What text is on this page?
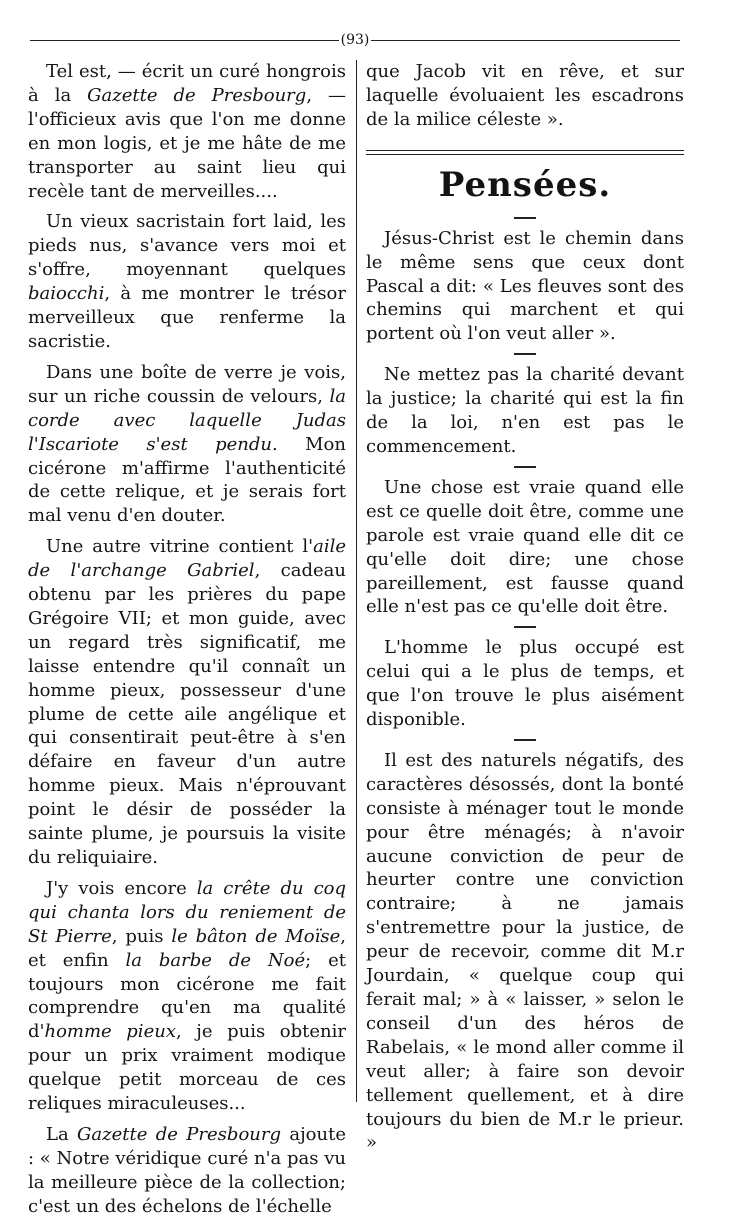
(93)

Tel est, — écrit un curé hongrois à la Gazette de Presbourg, — l'officieux avis que l'on me donne en mon logis, et je me hâte de me transporter au saint lieu qui recèle tant de merveilles....

Un vieux sacristain fort laid, les pieds nus, s'avance vers moi et s'offre, moyennant quelques baiocchi, à me montrer le trésor merveilleux que renferme la sacristie.

Dans une boîte de verre je vois, sur un riche coussin de velours, la corde avec laquelle Judas l'Iscariote s'est pendu. Mon cicérone m'affirme l'authenticité de cette relique, et je serais fort mal venu d'en douter.

Une autre vitrine contient l'aile de l'archange Gabriel, cadeau obtenu par les prières du pape Grégoire VII; et mon guide, avec un regard très significatif, me laisse entendre qu'il connaît un homme pieux, possesseur d'une plume de cette aile angélique et qui consentirait peut-être à s'en défaire en faveur d'un autre homme pieux. Mais n'éprouvant point le désir de posséder la sainte plume, je poursuis la visite du reliquiaire.

J'y vois encore la crête du coq qui chanta lors du reniement de St Pierre, puis le bâton de Moïse, et enfin la barbe de Noé; et toujours mon cicérone me fait comprendre qu'en ma qualité d'homme pieux, je puis obtenir pour un prix vraiment modique quelque petit morceau de ces reliques miraculeuses...

La Gazette de Presbourg ajoute : « Notre véridique curé n'a pas vu la meilleure pièce de la collection; c'est un des échelons de l'échelle

que Jacob vit en rêve, et sur laquelle évoluaient les escadrons de la milice céleste ».

Pensées.

Jésus-Christ est le chemin dans le même sens que ceux dont Pascal a dit: « Les fleuves sont des chemins qui marchent et qui portent où l'on veut aller ».

Ne mettez pas la charité devant la justice; la charité qui est la fin de la loi, n'en est pas le commencement.

Une chose est vraie quand elle est ce quelle doit être, comme une parole est vraie quand elle dit ce qu'elle doit dire; une chose pareillement, est fausse quand elle n'est pas ce qu'elle doit être.

L'homme le plus occupé est celui qui a le plus de temps, et que l'on trouve le plus aisément disponible.

Il est des naturels négatifs, des caractères désossés, dont la bonté consiste à ménager tout le monde pour être ménagés; à n'avoir aucune conviction de peur de heurter contre une conviction contraire; à ne jamais s'entremettre pour la justice, de peur de recevoir, comme dit M.r Jourdain, « quelque coup qui ferait mal; » à « laisser, » selon le conseil d'un des héros de Rabelais, « le mond aller comme il veut aller; à faire son devoir tellement quellement, et à dire toujours du bien de M.r le prieur. »
